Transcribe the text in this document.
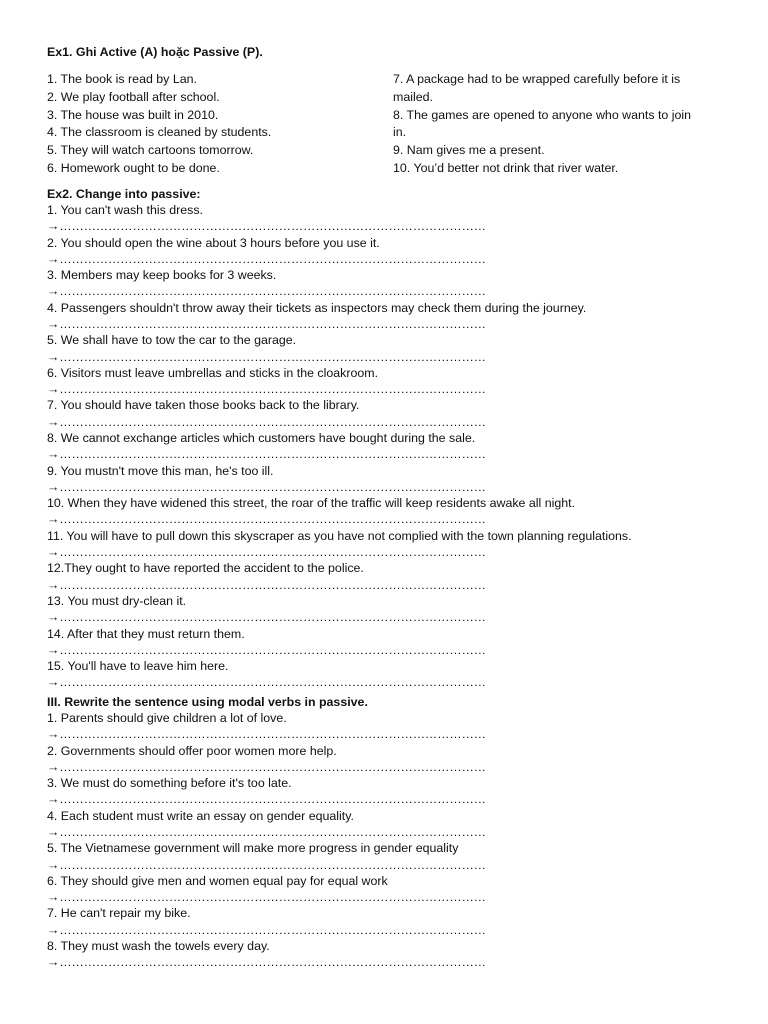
Ex1. Ghi Active (A) hoặc Passive (P).
1. The book is read by Lan.
2. We play football after school.
3. The house was built in 2010.
4. The classroom is cleaned by students.
5. They will watch cartoons tomorrow.
6. Homework ought to be done.
7. A package had to be wrapped carefully before it is
mailed.
8. The games are opened to anyone who wants to join
in.
9. Nam gives me a present.
10. You’d better not drink that river water.
Ex2. Change into passive:
1. You can't wash this dress.
→……………………………………………………………………………………………
2. You should open the wine about 3 hours before you use it.
→……………………………………………………………………………………………
3. Members may keep books for 3 weeks.
→……………………………………………………………………………………………
4. Passengers shouldn't throw away their tickets as inspectors may check them during the journey.
→……………………………………………………………………………………………
5. We shall have to tow the car to the garage.
→……………………………………………………………………………………………
6. Visitors must leave umbrellas and sticks in the cloakroom.
→……………………………………………………………………………………………
7. You should have taken those books back to the library.
→……………………………………………………………………………………………
8. We cannot exchange articles which customers have bought during the sale.
→……………………………………………………………………………………………
9. You mustn't move this man, he's too ill.
→……………………………………………………………………………………………
10. When they have widened this street, the roar of the traffic will keep residents awake all night.
→……………………………………………………………………………………………
11. You will have to pull down this skyscraper as you have not complied with the town planning regulations.
→……………………………………………………………………………………………
12.They ought to have reported the accident to the police.
→……………………………………………………………………………………………
13. You must dry-clean it.
→……………………………………………………………………………………………
14. After that they must return them.
→……………………………………………………………………………………………
15. You'll have to leave him here.
→……………………………………………………………………………………………
III. Rewrite the sentence using modal verbs in passive.
1. Parents should give children a lot of love.
→……………………………………………………………………………………………
2. Governments should offer poor women more help.
→……………………………………………………………………………………………
3. We must do something before it's too late.
→……………………………………………………………………………………………
4. Each student must write an essay on gender equality.
→……………………………………………………………………………………………
5. The Vietnamese government will make more progress in gender equality
→……………………………………………………………………………………………
6. They should give men and women equal pay for equal work
→……………………………………………………………………………………………
7. He can't repair my bike.
→……………………………………………………………………………………………
8. They must wash the towels every day.
→……………………………………………………………………………………………
